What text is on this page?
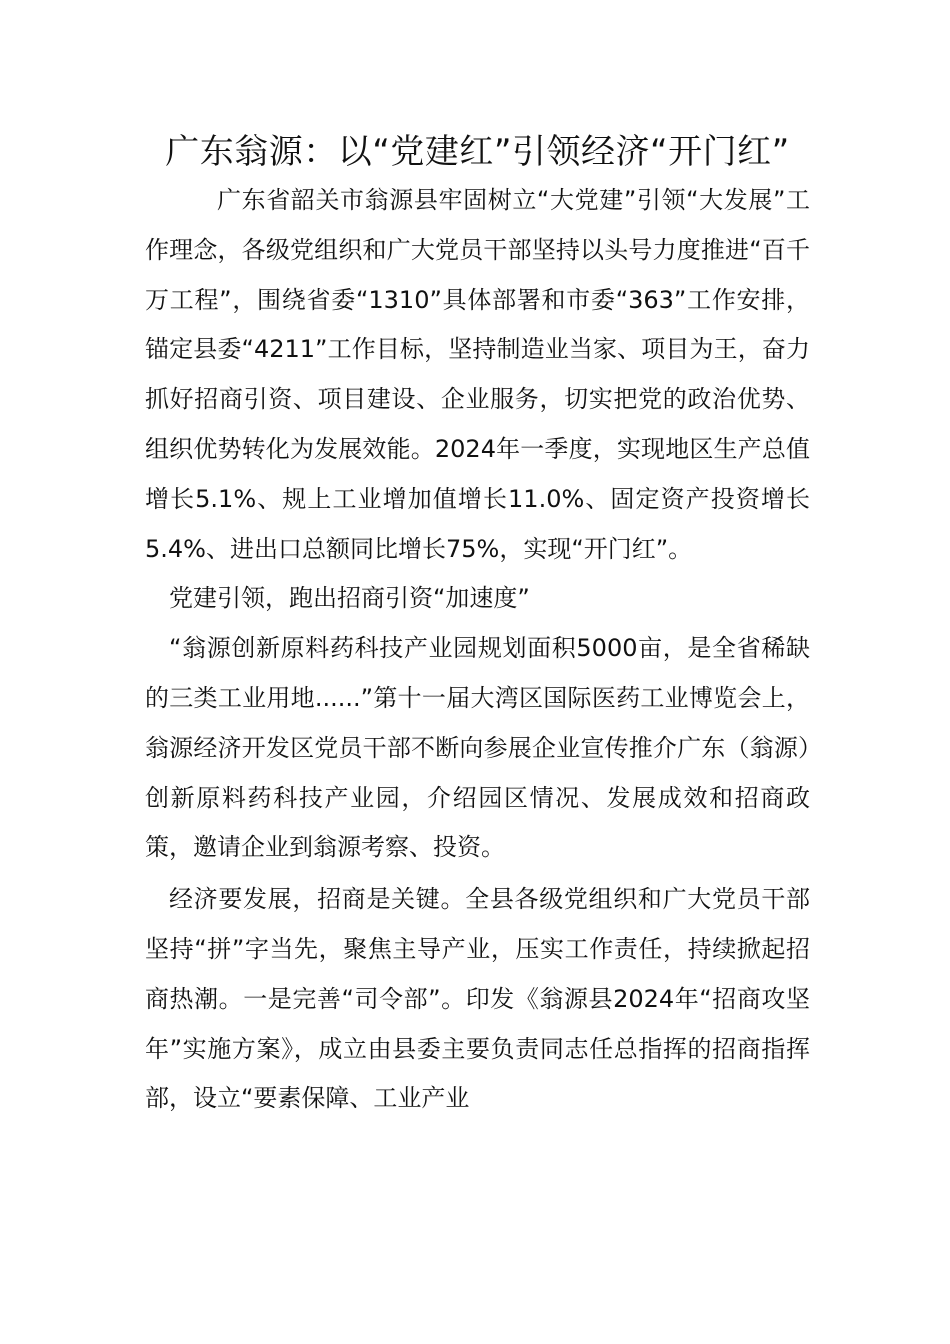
广东翁源：以“党建红”引领经济“开门红”

广东省韶关市翁源县牢固树立“大党建”引领“大发展”工作理念，各级党组织和广大党员干部坚持以头号力度推进“百千万工程”，围绕省委“1310”具体部署和市委“363”工作安排，锚定县委“4211”工作目标，坚持制造业当家、项目为王，奋力抓好招商引资、项目建设、企业服务，切实把党的政治优势、组织优势转化为发展效能。2024年一季度，实现地区生产总值增长5.1%、规上工业增加值增长11.0%、固定资产投资增长5.4%、进出口总额同比增长75%，实现“开门红”。

党建引领，跑出招商引资“加速度”

“翁源创新原料药科技产业园规划面积5000亩，是全省稀缺的三类工业用地......”第十一届大湾区国际医药工业博览会上，翁源经济开发区党员干部不断向参展企业宣传推介广东（翁源）创新原料药科技产业园，介绍园区情况、发展成效和招商政策，邀请企业到翁源考察、投资。

经济要发展，招商是关键。全县各级党组织和广大党员干部坚持“拼”字当先，聚焦主导产业，压实工作责任，持续掀起招商热潮。一是完善“司令部”。印发《翁源县2024年“招商攻坚年”实施方案》，成立由县委主要负责同志任总指挥的招商指挥部，设立“要素保障、工业产业
